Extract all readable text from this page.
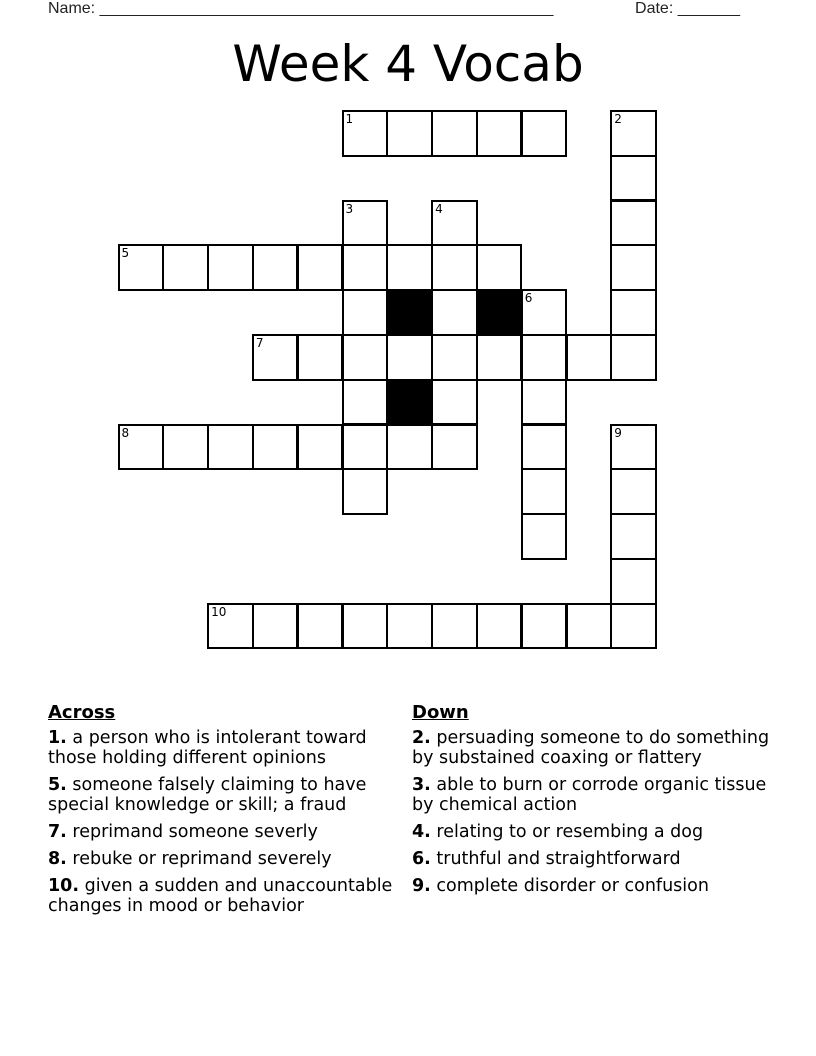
Name: ___________________________________________________	Date: _______
Week 4 Vocab
1	2
3	4
5
6
7
8	9
10
Across
1. a person who is intolerant toward those holding different opinions
5. someone falsely claiming to have special knowledge or skill; a fraud
7. reprimand someone severly
8. rebuke or reprimand severely
10. given a sudden and unaccountable changes in mood or behavior
Down
2. persuading someone to do something by substained coaxing or flattery
3. able to burn or corrode organic tissue by chemical action
4. relating to or resembing a dog
6. truthful and straightforward
9. complete disorder or confusion
